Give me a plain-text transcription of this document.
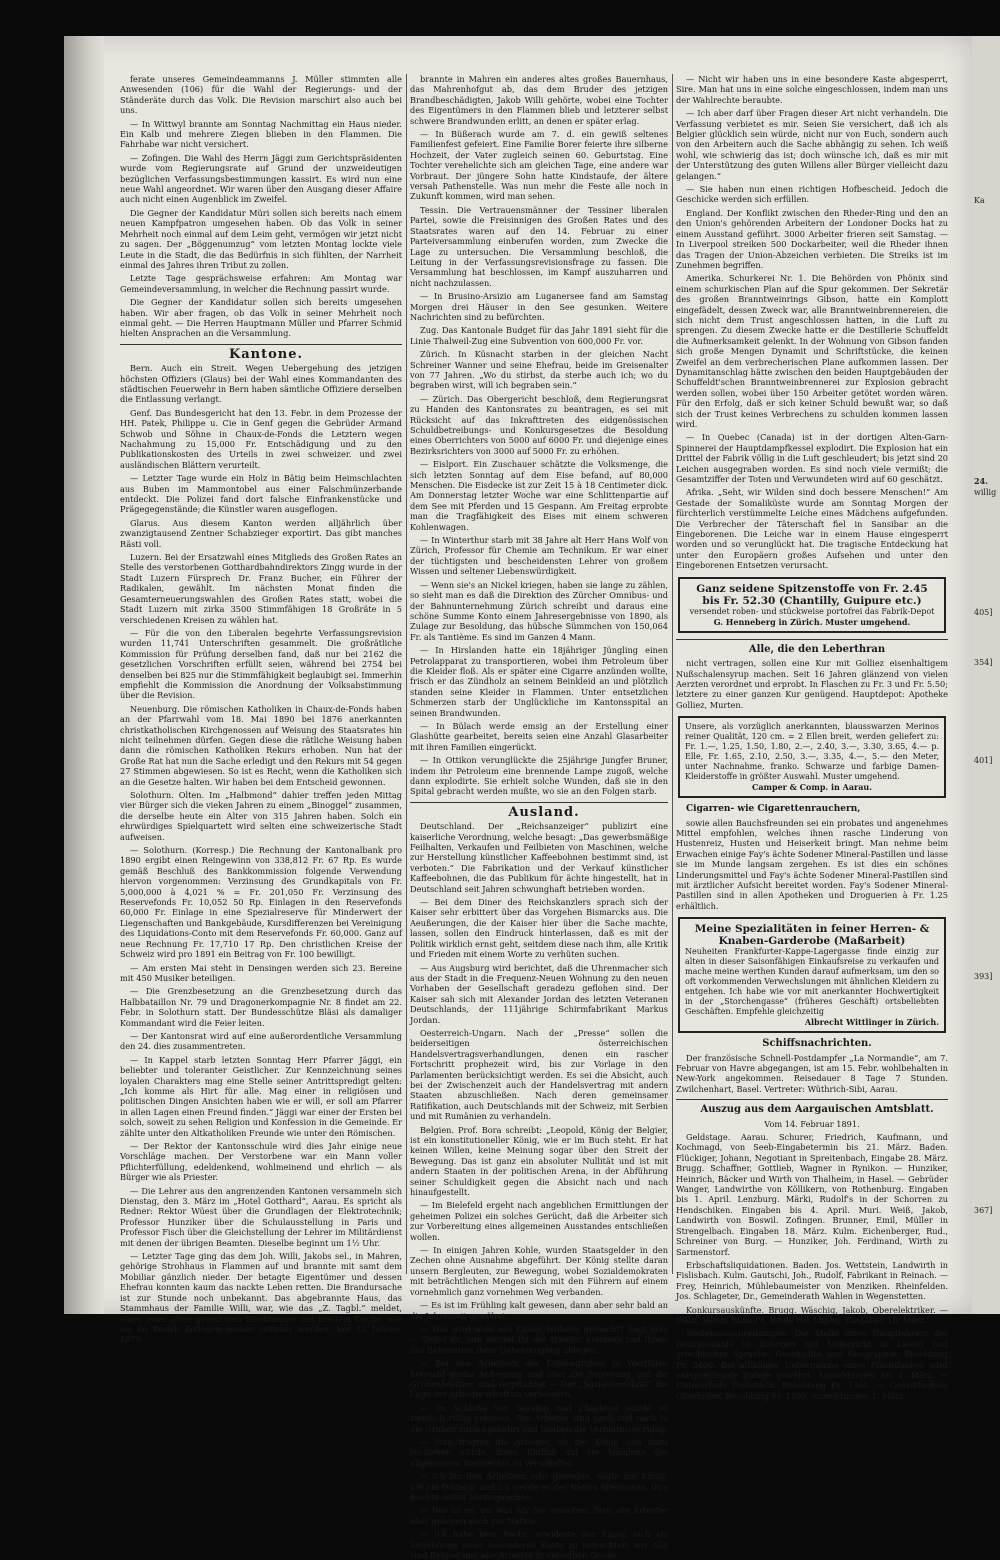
ferate unseres Gemeindeammanns J. Müller stimmten alle Anwesenden (106) für die Wahl der Regierungs- und der Ständeräte durch das Volk. Die Revision marschirt also auch bei uns.

— In Wittwyl brannte am Sonntag Nachmittag ein Haus nieder. Ein Kalb und mehrere Ziegen blieben in den Flammen. Die Fahrhabe war nicht versichert.

— Zofingen. Die Wahl des Herrn Jäggi zum Gerichtspräsidenten wurde vom Regierungsrate auf Grund der unzweideutigen bezüglichen Verfassungsbestimmungen kassirt. Es wird nun eine neue Wahl angeordnet. Wir waren über den Ausgang dieser Affaire auch nicht einen Augenblick im Zweifel.

Die Gegner der Kandidatur Müri sollen sich bereits nach einem neuen Kampfpatron umgesehen haben. Ob das Volk in seiner Mehrheit noch einmal auf dem Leim geht, vermögen wir jetzt nicht zu sagen. Der „Böggenumzug“ vom letzten Montag lockte viele Leute in die Stadt, die das Bedürfnis in sich fühlten, der Narrheit einmal des Jahres ihren Tribut zu zollen.

Letzte Tage gesprächsweise erfahren: Am Montag war Gemeindeversammlung, in welcher die Rechnung passirt wurde.

Die Gegner der Kandidatur sollen sich bereits umgesehen haben. Wir aber fragen, ob das Volk in seiner Mehrheit noch einmal geht. — Die Herren Hauptmann Müller und Pfarrer Schmid hielten Ansprachen an die Versammlung.

Kantone.

Bern. Auch ein Streit. Wegen Uebergehung des jetzigen höchsten Offiziers (Glaus) bei der Wahl eines Kommandanten des städtischen Feuerwehr in Bern haben sämtliche Offiziere derselben die Entlassung verlangt.

Genf. Das Bundesgericht hat den 13. Febr. in dem Prozesse der HH. Patek, Philippe u. Cie in Genf gegen die Gebrüder Armand Schwob und Söhne in Chaux-de-Fonds die Letztern wegen Nachahmung zu 15,000 Fr. Entschädigung und zu den Publikationskosten des Urteils in zwei schweizer. und zwei ausländischen Blättern verurteilt.

— Letzter Tage wurde ein Holz in Bätig beim Heimschlachten aus Buben im Mammontobel aus einer Falschmünzerbande entdeckt. Die Polizei fand dort falsche Einfrankenstücke und Prägegegenstände; die Künstler waren ausgeflogen.

Glarus. Aus diesem Kanton werden alljährlich über zwanzigtausend Zentner Schabzieger exportirt. Das gibt manches Rästi voll.

Luzern. Bei der Ersatzwahl eines Mitglieds des Großen Rates an Stelle des verstorbenen Gotthardbahndirektors Zingg wurde in der Stadt Luzern Fürsprech Dr. Franz Bucher, ein Führer der Radikalen, gewählt. Im nächsten Monat finden die Gesamterneuerungswahlen des Großen Rates statt, wobei die Stadt Luzern mit zirka 3500 Stimmfähigen 18 Großräte in 5 verschiedenen Kreisen zu wählen hat.

— Für die von den Liberalen begehrte Verfassungsrevision wurden 11,741 Unterschriften gesammelt. Die großrätliche Kommission für Prüfung derselben fand, daß nur bei 2162 die gesetzlichen Vorschriften erfüllt seien, während bei 2754 bei denselben bei 825 nur die Stimmfähigkeit beglaubigt sei. Immerhin empfiehlt die Kommission die Anordnung der Volksabstimmung über die Revision.

Neuenburg. Die römischen Katholiken in Chaux-de-Fonds haben an der Pfarrwahl vom 18. Mai 1890 bei 1876 anerkannten christkatholischen Kirchgenossen auf Weisung des Staatsrates hin nicht teilnehmen dürfen. Gegen diese die rätliche Weisung haben dann die römischen Katholiken Rekurs erhoben. Nun hat der Große Rat hat nun die Sache erledigt und den Rekurs mit 54 gegen 27 Stimmen abgewiesen. So ist es Recht, wenn die Katholiken sich an die Gesetze halten. Wir haben bei dem Entscheid gewonnen.

Solothurn. Olten. Im „Halbmond“ dahier treffen jeden Mittag vier Bürger sich die vieken Jahren zu einem „Binoggel“ zusammen, die derselbe heute ein Alter von 315 Jahren haben. Solch ein ehrwürdiges Spielquartett wird selten eine schweizerische Stadt aufweisen.

— Solothurn. (Korresp.) Die Rechnung der Kantonalbank pro 1890 ergibt einen Reingewinn von 338,812 Fr. 67 Rp. Es wurde gemäß Beschluß des Bankkommission folgende Verwendung hiervon vorgenommen: Verzinsung des Grundkapitals von Fr. 5,000,000 à 4,021 % = Fr. 201,050 Fr. Verzinsung des Reservefonds Fr. 10,052 50 Rp. Einlagen in den Reservefonds 60,000 Fr. Einlage in eine Spezialreserve für Minderwert der Liegenschaften und Bankgebäude, Kursdifferenzen bei Vereinigung des Liquidations-Conto mit dem Reservefonds Fr. 60,000. Ganz auf neue Rechnung Fr. 17,710 17 Rp. Den christlichen Kreise der Schweiz wird pro 1891 ein Beitrag von Fr. 100 bewilligt.

— Am ersten Mai steht in Densingen werden sich 23. Bereine mit 450 Musiker beteiligen.

— Die Grenzbesetzung an die Grenzbesetzung durch das Halbbataillon Nr. 79 und Dragonerkompagnie Nr. 8 findet am 22. Febr. in Solothurn statt. Der Bundesschütze Bläsi als damaliger Kommandant wird die Feier leiten.

— Der Kantonsrat wird auf eine außerordentliche Versammlung den 24. dies zusammentreten.

— In Kappel starb letzten Sonntag Herr Pfarrer Jäggi, ein beliebter und toleranter Geistlicher. Zur Kennzeichnung seines loyalen Charakters mag eine Stelle seiner Antrittspredigt gelten: „Ich komme als Hirt für alle. Mag einer in religiösen und politischen Dingen Ansichten haben wie er will, er soll am Pfarrer in allen Lagen einen Freund finden.“ Jäggi war einer der Ersten bei solch, soweit zu sehen Religion und Konfession in die Gemeinde. Er zählte unter den Altkatholiken Freunde wie unter den Römischen.

— Der Rektor der Kantonsschule wird dies Jahr einige neue Vorschläge machen. Der Verstorbene war ein Mann voller Pflichterfüllung, edeldenkend, wohlmeinend und ehrlich — als Bürger wie als Priester.

— Die Lehrer aus den angrenzenden Kantonen versammeln sich Dienstag, den 3. März im „Hotel Gotthard“, Aarau. Es spricht als Redner: Rektor Wüest über die Grundlagen der Elektrotechnik; Professor Hunziker über die Schulausstellung in Paris und Professor Fisch über die Gleichstellung der Lehrer im Militärdienst mit denen der übrigen Beamten. Dieselbe beginnt um 1½ Uhr.

— Letzter Tage ging das dem Joh. Willi, Jakobs sel., in Mahren, gehörige Strohhaus in Flammen auf und brannte mit samt dem Mobiliar gänzlich nieder. Der betagte Eigentümer und dessen Ehefrau konnten kaum das nackte Leben retten. Die Brandursache ist zur Stunde noch unbekannt. Das abgebrannte Haus, das Stammhaus der Familie Willi, war, wie das „Z. Tagbl.“ meldet, eines jener alten gewaltigen Strohhäuser mit breitem Dache, wie sie im Bezirk Zofingen immer seltener werden. Vor 12 Jahren, 1879,

brannte in Mahren ein anderes altes großes Bauernhaus, das Mahrenhofgut ab, das dem Bruder des jetzigen Brandbeschädigten, Jakob Willi gehörte, wobei eine Tochter des Eigentümers in den Flammen blieb und letzterer selbst schwere Brandwunden erlitt, an denen er später erlag.

— In Büßerach wurde am 7. d. ein gewiß seltenes Familienfest gefeiert. Eine Familie Borer feierte ihre silberne Hochzeit, der Vater zugleich seinen 60. Geburtstag. Eine Tochter verehelichte sich am gleichen Tage, eine andere war Vorbraut. Der jüngere Sohn hatte Kindstaufe, der ältere versah Pathenstelle. Was nun mehr die Feste alle noch in Zukunft kommen, wird man sehen.

Tessin. Die Vertrauensmänner der Tessiner liberalen Partei, sowie die Freisinnigen des Großen Rates und des Staatsrates waren auf den 14. Februar zu einer Parteiversammlung einberufen worden, zum Zwecke die Lage zu untersuchen. Die Versammlung beschloß, die Leitung in der Verfassungsrevisionsfrage zu fassen. Die Versammlung hat beschlossen, im Kampf auszuharren und nicht nachzulassen.

— In Brusino-Arsizio am Luganersee fand am Samstag Morgen drei Häuser in den See gesunken. Weitere Nachrichten sind zu befürchten.

Zug. Das Kantonale Budget für das Jahr 1891 sieht für die Linie Thalweil-Zug eine Subvention von 600,000 Fr. vor.

Zürich. In Küsnacht starben in der gleichen Nacht Schreiner Wanner und seine Ehefrau, beide im Greisenalter von 77 Jahren. „Wo du stirbst, da sterbe auch ich; wo du begraben wirst, will ich begraben sein.“

— Zürich. Das Obergericht beschloß, dem Regierungsrat zu Handen des Kantonsrates zu beantragen, es sei mit Rücksicht auf das Inkrafttreten des eidgenössischen Schuldbetreibungs- und Konkursgesetzes die Besoldung eines Oberrichters von 5000 auf 6000 Fr. und diejenige eines Bezirksrichters von 3000 auf 5000 Fr. zu erhöhen.

— Eislport. Ein Zuschauer schätzte die Volksmenge, die sich letzten Sonntag auf dem Eise befand, auf 80,000 Menschen. Die Eisdecke ist zur Zeit 15 à 18 Centimeter dick. Am Donnerstag letzter Woche war eine Schlittenpartie auf dem See mit Pferden und 15 Gespann. Am Freitag erprobte man die Tragfähigkeit des Eises mit einem schweren Kohlenwagen.

— In Winterthur starb mit 38 Jahre alt Herr Hans Wolf von Zürich, Professor für Chemie am Technikum. Er war einer der tüchtigsten und bescheidensten Lehrer von großem Wissen und seltener Liebenswürdigkeit.

— Wenn sie's an Nickel kriegen, haben sie lange zu zählen, so sieht man es daß die Direktion des Zürcher Omnibus- und der Bahnunternehmung Zürich schreibt und daraus eine schöne Summe Konto einem Jahresergebnisse von 1890, als Zulage zur Besoldung, das hübsche Sümmchen von 150,064 Fr. als Tantième. Es sind im Ganzen 4 Mann.

— In Hirslanden hatte ein 18jähriger Jüngling einen Petrolapparat zu transportieren, wobei ihm Petroleum über die Kleider floß. Als er später eine Cigarre anzünden wollte, frisch er das Zündholz an seinem Beinkleid an und plötzlich standen seine Kleider in Flammen. Unter entsetzlichen Schmerzen starb der Unglückliche im Kantonsspital an seinen Brandwunden.

— In Bülach werde emsig an der Erstellung einer Glashütte gearbeitet, bereits seien eine Anzahl Glasarbeiter mit ihren Familien eingerückt.

— In Ottikon verunglückte die 25jährige Jungfer Bruner, indem ihr Petroleum eine brennende Lampe zugoß, welche dann explodirte. Sie erhielt solche Wunden, daß sie in den Spital gebracht werden mußte, wo sie an den Folgen starb.

Ausland.

Deutschland. Der „Reichsanzeiger“ publizirt eine kaiserliche Verordnung, welche besagt: „Das gewerbsmäßige Feilhalten, Verkaufen und Feilbieten von Maschinen, welche zur Herstellung künstlicher Kaffeebohnen bestimmt sind, ist verboten.“ Die Fabrikation und der Verkauf künstlicher Kaffeebohnen, die das Publikum für ächte hingestellt, hat in Deutschland seit Jahren schwunghaft betrieben worden.

— Bei dem Diner des Reichskanzlers sprach sich der Kaiser sehr erbittert über das Vorgehen Bismarcks aus. Die Aeußerungen, die der Kaiser hier über die Sache machte, lassen, sollen den Eindruck hinterlassen, daß es mit der Politik wirklich ernst geht, seitdem diese nach ihm, alle Kritik und Frieden mit einem Worte zu verhüten suchen.

— Aus Augsburg wird berichtet, daß die Uhrenmacher sich aus der Stadt in die Frequenz-Neuen Wohnung zu den neuen Vorhaben der Gesellschaft geradezu geflohen sind. Der Kaiser sah sich mit Alexander Jordan des letzten Veteranen Deutschlands, der 111jährige Schirmfabrikant Markus Jordan.

Oesterreich-Ungarn. Nach der „Presse“ sollen die beiderseitigen österreichischen Handelsvertragsverhandlungen, denen ein rascher Fortschritt prophezeit wird, bis zur Vorlage in den Parlamenten berücksichtigt werden. Es sei die Absicht, auch bei der Zwischenzeit auch der Handelsvertrag mit andern Staaten abzuschließen. Nach deren gemeinsamer Ratifikation, auch Deutschlands mit der Schweiz, mit Serbien und mit Rumänien zu verhandeln.

Belgien. Prof. Bora schreibt: „Leopold, König der Belgier, ist ein konstitutioneller König, wie er im Buch steht. Er hat keinen Willen, keine Meinung sogar über den Streit der Bewegung. Das ist ganz ein absoluter Nullität und ist mit andern Staaten in der politischen Arena, in der Abführung seiner Schuldigkeit gegen die Absicht nach und nach hinaufgestellt.

— Im Bielefeld ergeht nach angeblichen Ermittlungen der geheimen Polizei ein solches Gerücht, daß die Arbeiter sich zur Vorbereitung eines allgemeinen Ausstandes entschließen wollen.

— In einigen Jahren Kohle, wurden Staatsgelder in den Zechen ohne Ausnahme abgeführt. Der König stellte daran unsern Bergleuten, zur Bewegung, wobei Sozialdemokraten mit beträchtlichen Mengen sich mit den Führern auf einem vornehmlich ganz vornehmen Weg verbanden.

— Es ist im Frühling kalt gewesen, dann aber sehr bald an die Jahreszeit gewöhnt.

— Was wird wohl aus Kaiser Wilhelm gemacht? Sagt man — Siehst du, nun werdet Ihr die Arbeiter kommen und Ihnen das Bekenntnis ihrer Ueberzeugung ablegen.

— Bei den Arbeitern der Kohlengruben in Westfalen herrscht große Aufregung und aber die Regierung und die Grubenbesitzer sind verpflichtet — Der „Sozialdemokrat“ die Lage der Arbeiterschaft zu verbessern.

— Im Schloße von Seraing und Charleroi wurde es ziemlich ruhig gelassen. Die Arbeiter sind nach und nach in die Gruben zurückgekehrt und bleiben die Verhältnisse ruhig.

— Nun fragten die Arbeiter, ob der König sich dazu verstehen würde, ihnen Einfluß auf die Annahme des allgemeinen Wahlrechts zu verschaffen.

— Ich bin den Arbeitern sehr gewogen, sagte der König. Ich bin Diktator und ich werde es der Nation überlassen, ihre Rechte selbst auszusprechen.

— Das ist es, um was wir Sie ersuchen, Sire; die Arbeiter aber gehören auch zur Nation.

— Ich habe kein Recht, erwiderte der König, sich als Angehörige einer besonderen Kaste zu betrachten; wir Alle sind Belgier und alle Arbeiter in derselben Grade.

— Nicht wir haben uns in eine besondere Kaste abgesperrt, Sire. Man hat uns in eine solche eingeschlossen, indem man uns der Wahlrechte beraubte.

— Ich aber darf über Fragen dieser Art nicht verhandeln. Die Verfassung verbietet es mir. Seien Sie versichert, daß ich als Belgier glücklich sein würde, nicht nur von Euch, sondern auch von den Arbeitern auch die Sache abhängig zu sehen. Ich weiß wohl, wie schwierig das ist; doch wünsche ich, daß es mir mit der Unterstützung des guten Willens aller Bürger vielleicht dazu gelangen.“

— Sie haben nun einen richtigen Hofbescheid. Jedoch die Geschicke werden sich erfüllen.

England. Der Konflikt zwischen den Rheder-Ring und den an den Union's gehörenden Arbeitern der Londoner Docks hat zu einem Ausstand geführt. 3000 Arbeiter frieren seit Samstag. — In Liverpool streiken 500 Dockarbeiter, weil die Rheder ihnen das Tragen der Union-Abzeichen verbieten. Die Streiks ist im Zunehmen begriffen.

Amerika. Schurkerei Nr. 1. Die Behörden von Phönix sind einem schurkischen Plan auf die Spur gekommen. Der Sekretär des großen Branntweinrings Gibson, hatte ein Komplott eingefädelt, dessen Zweck war, alle Branntweinbrennereien, die sich nicht dem Trust angeschlossen hatten, in die Luft zu sprengen. Zu diesem Zwecke hatte er die Destillerie Schuffeldt die Aufmerksamkeit gelenkt. In der Wohnung von Gibson fanden sich große Mengen Dynamit und Schriftstücke, die keinen Zweifel an dem verbrecherischen Plane aufkommen lassen. Der Dynamitanschlag hätte zwischen den beiden Hauptgebäuden der Schuffeldt'schen Branntweinbrennerei zur Explosion gebracht werden sollen, wobei über 150 Arbeiter getötet worden wären. Für den Erfolg, daß er sich keiner Schuld bewußt war, so daß sich der Trust keines Verbrechens zu schulden kommen lassen wird.

— In Quebec (Canada) ist in der dortigen Alten-Garn-Spinnerei der Hauptdampfkessel explodirt. Die Explosion hat ein Drittel der Fabrik völlig in die Luft geschleudert; bis jetzt sind 20 Leichen ausgegraben worden. Es sind noch viele vermißt; die Gesamtziffer der Toten und Verwundeten wird auf 60 geschätzt.

Afrika. „Seht, wir Wilden sind doch bessere Menschen!“ Am Gestade der Somaliküste wurde am Sonntag Morgen der fürchterlich verstümmelte Leiche eines Mädchens aufgefunden. Die Verbrecher der Täterschaft fiel in Sansibar an die Eingeborenen. Die Leiche war in einem Hause eingesperrt worden und so verunglückt hat. Die tragische Entdeckung hat unter den Europäern großes Aufsehen und unter den Eingeborenen Entsetzen verursacht.

Ganz seidene Spitzenstoffe von Fr. 2.45
bis Fr. 52.30 (Chantilly, Guipure etc.)
versendet roben- und stückweise portofrei das Fabrik-Depot
G. Henneberg in Zürich. Muster umgehend.

Alle, die den Leberthran

nicht vertragen, sollen eine Kur mit Golliez eisenhaltigem Nußschalensyrup machen. Seit 16 Jahren glänzend von vielen Aerzten verordnet und erprobt. In Flaschen zu Fr. 3 und Fr. 5.50; letztere zu einer ganzen Kur genügend. Hauptdepot: Apotheke Golliez, Murten.

Unsere, als vorzüglich anerkannten, blausswarzen Merinos reiner Qualität, 120 cm. = 2 Ellen breit, werden geliefert zu: Fr. 1.—, 1.25, 1.50, 1.80, 2.—, 2.40, 3.—, 3.30, 3.65, 4.— p. Elle, Fr. 1.65, 2.10, 2.50, 3.—, 3.35, 4.—, 5.— den Meter, unter Nachnahme, franko. Schwarze und farbige Damen-Kleiderstoffe in größter Auswahl. Muster umgehend.
Camper & Comp. in Aarau.

Cigarren- wie Cigarettenrauchern,

sowie allen Bauchsfreunden sei ein probates und angenehmes Mittel empfohlen, welches ihnen rasche Linderung von Hustenreiz, Husten und Heiserkeit bringt. Man nehme beim Erwachen einige Fay's ächte Sodener Mineral-Pastillen und lasse sie im Munde langsam zergehen. Es ist dies ein schönes Linderungsmittel und Fay's ächte Sodener Mineral-Pastillen sind mit ärztlicher Aufsicht bereitet worden. Fay's Sodener Mineral-Pastillen sind in allen Apotheken und Droguerien à Fr. 1.25 erhältlich.

Meine Spezialitäten in feiner Herren- & Knaben-Garderobe (Maßarbeit)
Neuheiten Frankfurter-Kappe-Lagergasse finde einzig zur alten in dieser Saisonfähigen Einkaufsreise zu verkaufen und mache meine werthen Kunden darauf aufmerksam, um den so oft vorkommenden Verwechslungen mit ähnlichen Kleidern zu entgehen. Ich habe wie vor mit anerkannter Hochwertigkeit in der „Storchengasse“ (früheres Geschäft) ortsbeliebten Geschäften. Empfehle gleichzeitig
Albrecht Wittlinger in Zürich.

Schiffsnachrichten.

Der französische Schnell-Postdampfer „La Normandie“, am 7. Februar von Havre abgegangen, ist am 15. Febr. wohlbehalten in New-York angekommen. Reisedauer 8 Tage 7 Stunden. Zwilchenhart, Basel. Vertreter: Wüthrich-Sibi, Aarau.

Auszug aus dem Aargauischen Amtsblatt.

Vom 14. Februar 1891.

Geldstage. Aarau. Schurer, Friedrich, Kaufmann, und Kochmagd, von Seeb-Eingabetermin bis 21. März. Baden. Flückiger, Johann, Negotiant in Spreitenbach, Eingabe 28. März. Brugg. Schaffner, Gottlieb, Wagner in Rynikon. — Hunziker, Heinrich, Bäcker und Wirth von Thalheim, in Hasel. — Gebrüder Wanger, Landwirthe von Köllikern, von Rothenburg. Eingaben bis 1. April. Lenzburg. Märki, Rudolf's in der Schorren zu Hendschiken. Eingaben bis 4. April. Muri. Weiß, Jakob, Landwirth von Boswil. Zofingen. Brunner, Emil, Müller in Strengelbach. Eingaben 18. März. Kulm. Eichenberger, Rud., Schreiner von Burg. — Hunziker, Joh. Ferdinand, Wirth zu Sarmenstorf.

Erbschaftsliquidationen. Baden. Jos. Wettstein, Landwirth in Fislisbach. Kulm. Gautschi, Joh., Rudolf, Fabrikant in Reinach. — Frey, Heinrich, Mühlebaumeister von Menziken. Rheinfelden. Jos. Schlageter, Dr., Gemeinderath Wahlen in Wegenstetten.

Konkursauskünfte. Brugg. Wäschig, Jakob, Oberelektriker. — Wälti, Jakob, Rudolf's, Beide von Lupfig. Eingaben 18. März.

Stellenausschreibungen. Die Stelle eines Hauptlehrers der Bezirksschule in Zofingen mit Unterricht in Latein und griechischer Sprache, Geschichte und Geographie; Besoldung Fr. 2400. Bei allfälliger Uebernahme eines Pflichtfaches wird entsprechende Zulage gewährt. Anmeldungen bis 4. März. — Unterschule Fislisbach. Besoldung Fr. 1300. — Gesamtschule Oberhofen. Besoldung Fr. 1200. Anmeldungen 1. März.

Ka
24.
willig
405]
354]
401]
393]
367]
